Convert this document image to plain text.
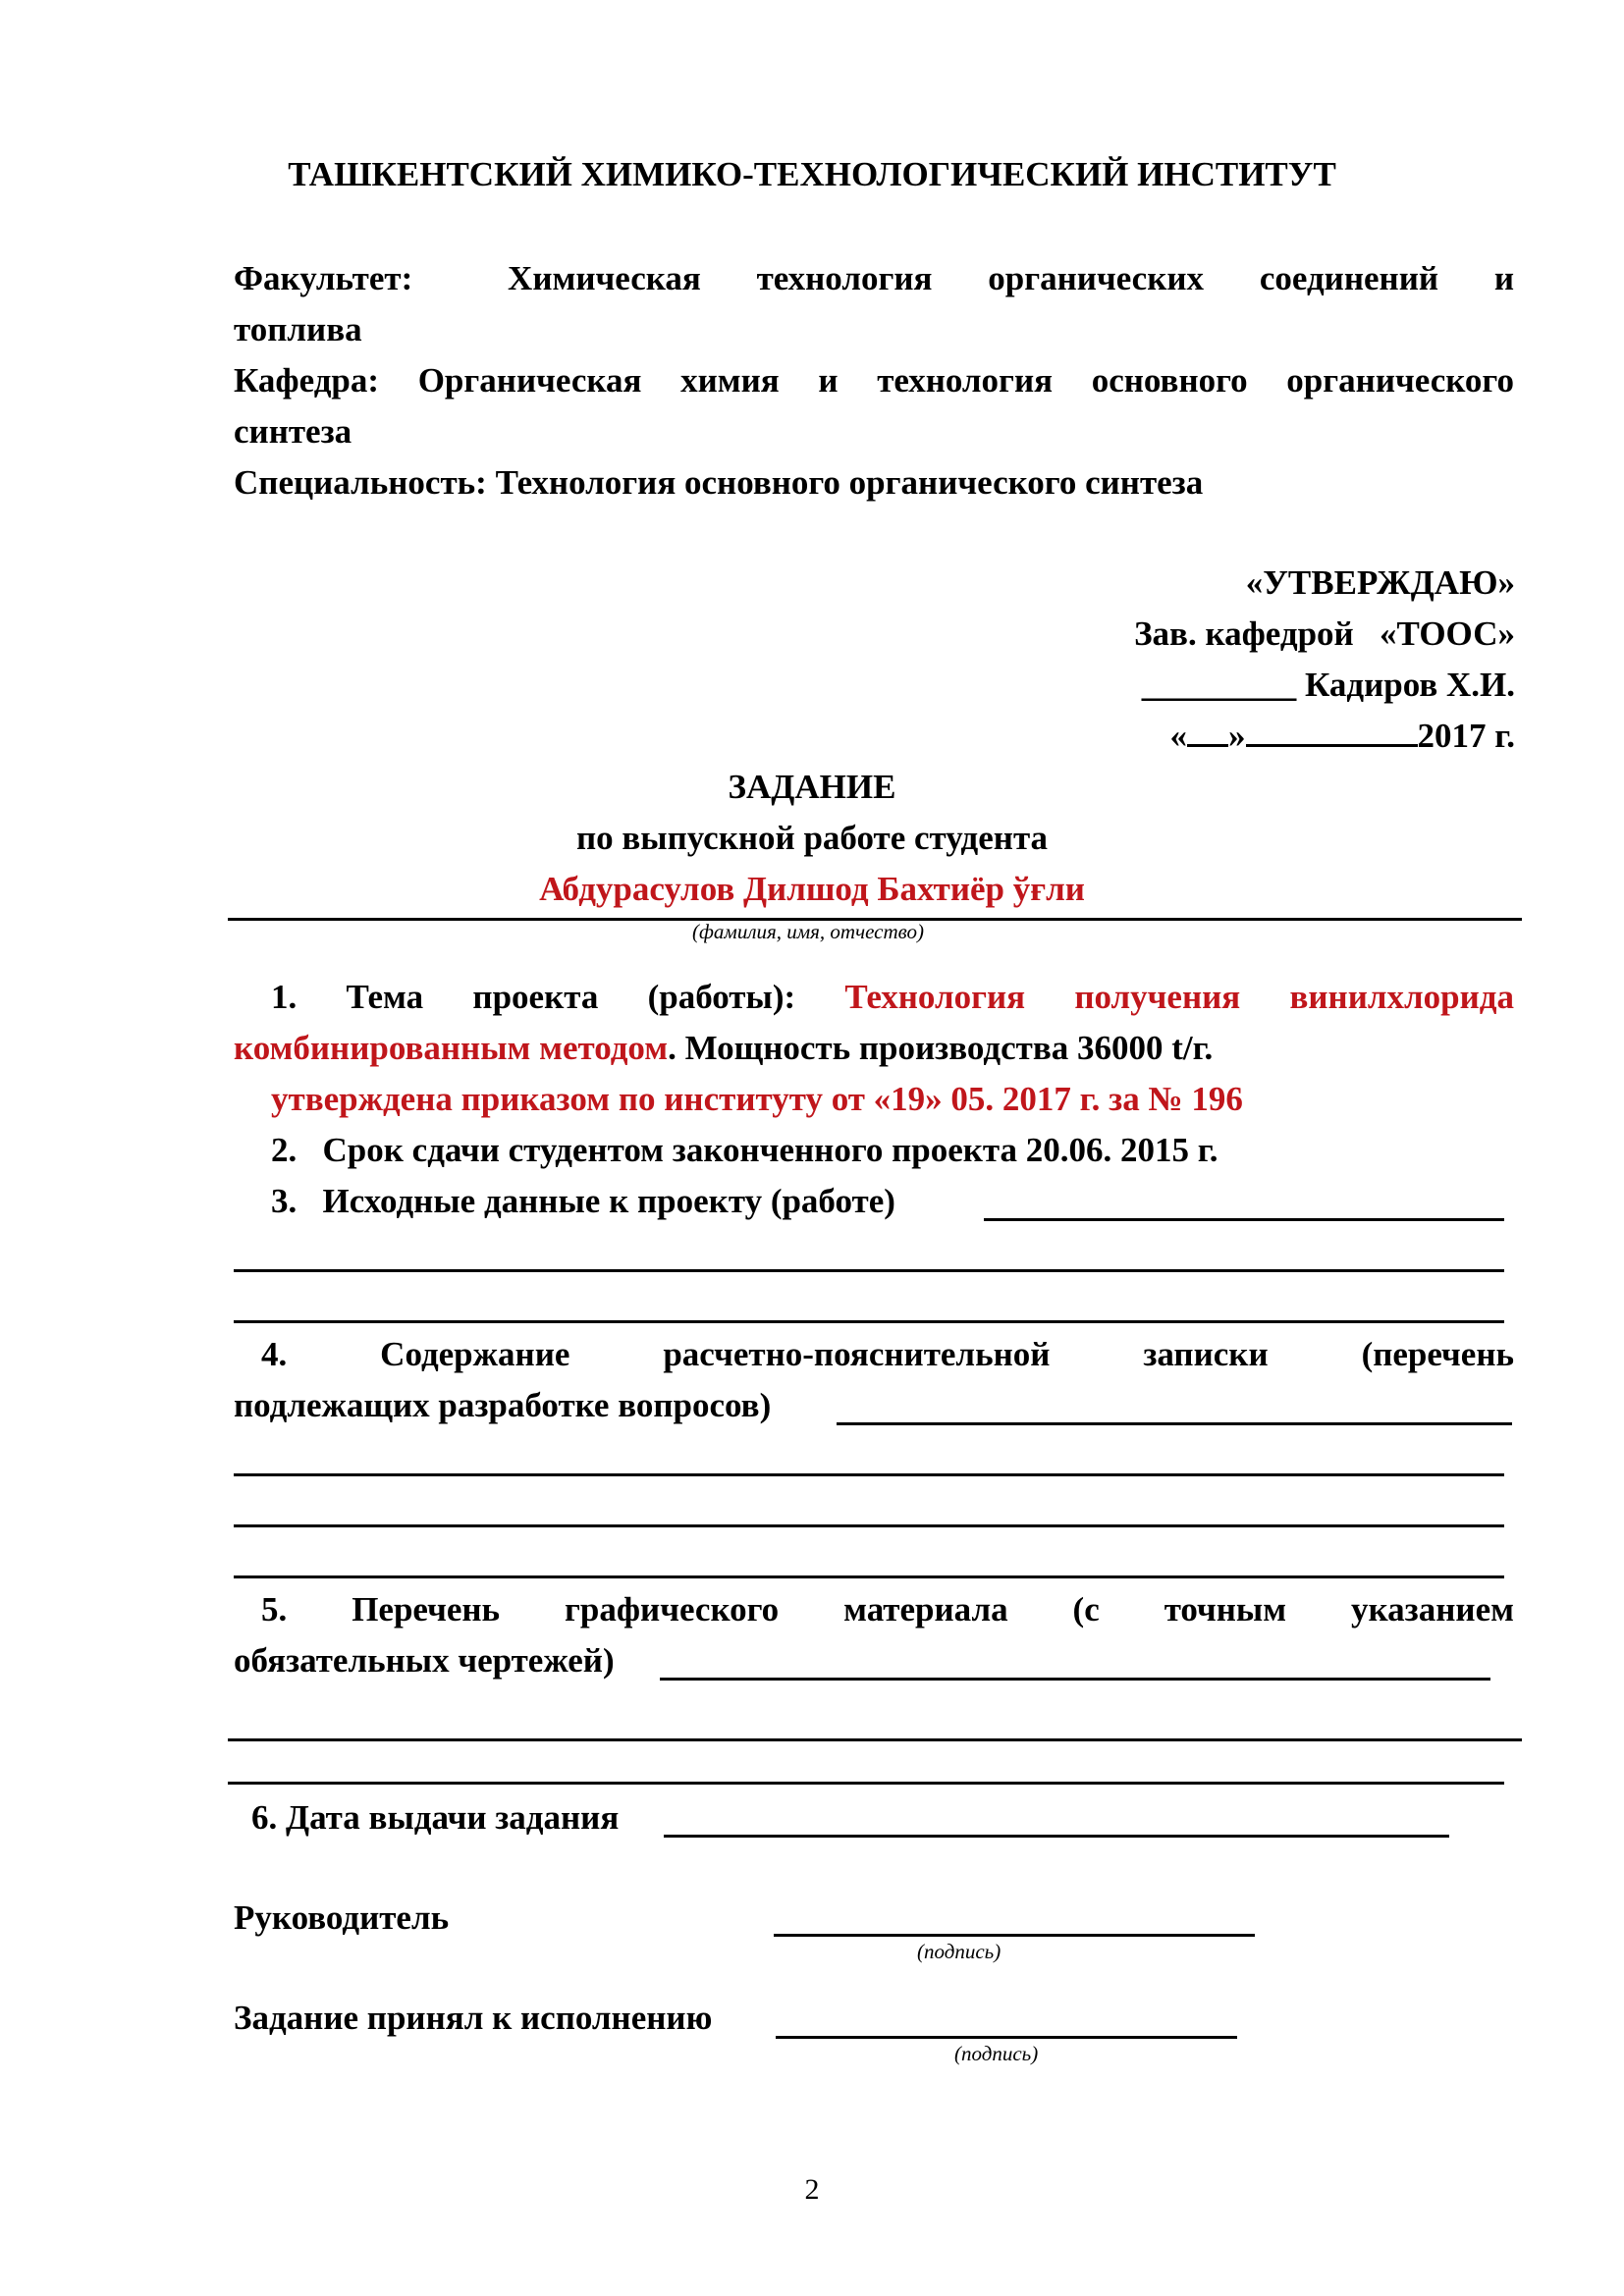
ТАШКЕНТСКИЙ ХИМИКО-ТЕХНОЛОГИЧЕСКИЙ ИНСТИТУТ
Факультет:	Химическая технология органических соединений и
топлива
Кафедра: Органическая химия и технология основного органического
синтеза
Специальность: Технология основного органического синтеза
«УТВЕРЖДАЮ»
Зав. кафедрой «ТООС»
_________ Кадиров Х.И.
« »	2017 г.
ЗАДАНИЕ
по выпускной работе студента
Абдурасулов Дилшод Бахтиёр ўғли
(фамилия, имя, отчество)
1. Тема проекта (работы): Технология получения винилхлорида
комбинированным методом. Мощность производства 36000 t/г.
утверждена приказом по институту от «19» 05. 2017 г. за № 196
2.   Срок сдачи студентом законченного проекта 20.06. 2015 г.
3.   Исходные данные к проекту (работе)
4.	Содержание	расчетно-пояснительной	записки	(перечень
подлежащих разработке вопросов)
5. Перечень графического материала (с точным указанием
обязательных чертежей)
6. Дата выдачи задания
Руководитель
(подпись)
Задание принял к исполнению
(подпись)
2
